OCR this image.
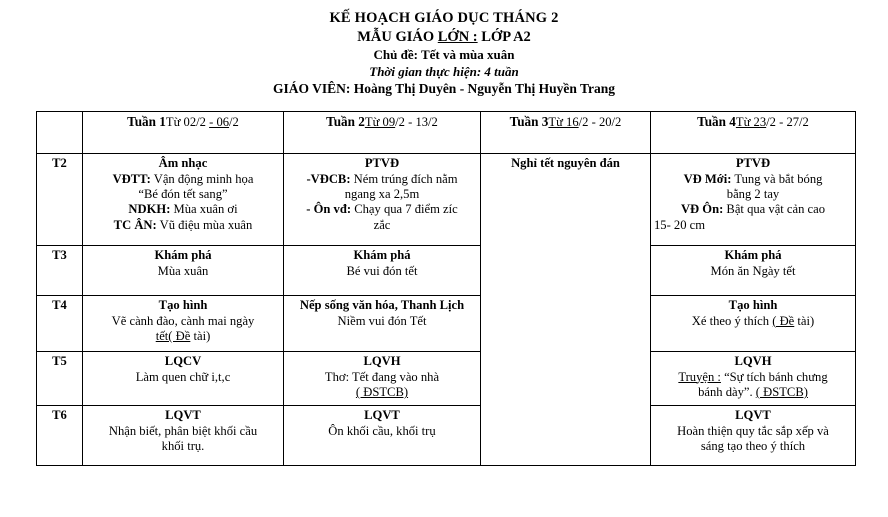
KẾ HOẠCH GIÁO DỤC THÁNG 2
MẪU GIÁO LỚN : LỚP A2
Chủ đề: Tết và mùa xuân
Thời gian thực hiện: 4 tuần
GIÁO VIÊN: Hoàng Thị Duyên - Nguyễn Thị Huyền Trang
	Tuần 1Từ 02/2 - 06/2	Tuần 2Từ 09/2 - 13/2	Tuần 3Từ 16/2 - 20/2	Tuần 4Từ 23/2 - 27/2
T2	Âm nhạc
VĐTT: Vận động minh họa
“Bé đón tết sang”
NDKH: Mùa xuân ơi
TC ÂN: Vũ điệu mùa xuân	PTVĐ
-VĐCB: Ném trúng đích nằm
ngang xa 2,5m
- Ôn vđ: Chạy qua 7 điểm zíc
zắc	Nghỉ tết nguyên đán	PTVĐ
VĐ Mới: Tung và bắt bóng
bằng 2 tay
VĐ Ôn: Bật qua vật cản cao
15- 20 cm

T3	Khám phá
Mùa xuân	Khám phá
Bé vui đón tết		Khám phá
Món ăn Ngày tết

T4	Tạo hình
Vẽ cành đào, cành mai ngày
tết( Đề tài)	Nếp sống văn hóa, Thanh Lịch
Niềm vui đón Tết		Tạo hình
Xé theo ý thích ( Đề tài)

T5	LQCV
Làm quen chữ i,t,c	LQVH
Thơ: Tết đang vào nhà
( ĐSTCB)		LQVH
Truyện : “Sự tích bánh chưng
bánh dày”. ( ĐSTCB)

T6	LQVT
Nhận biết, phân biệt khối cầu
khối trụ.	LQVT
Ôn khối cầu, khối trụ		LQVT
Hoàn thiện quy tắc sắp xếp và
sáng tạo theo ý thích
